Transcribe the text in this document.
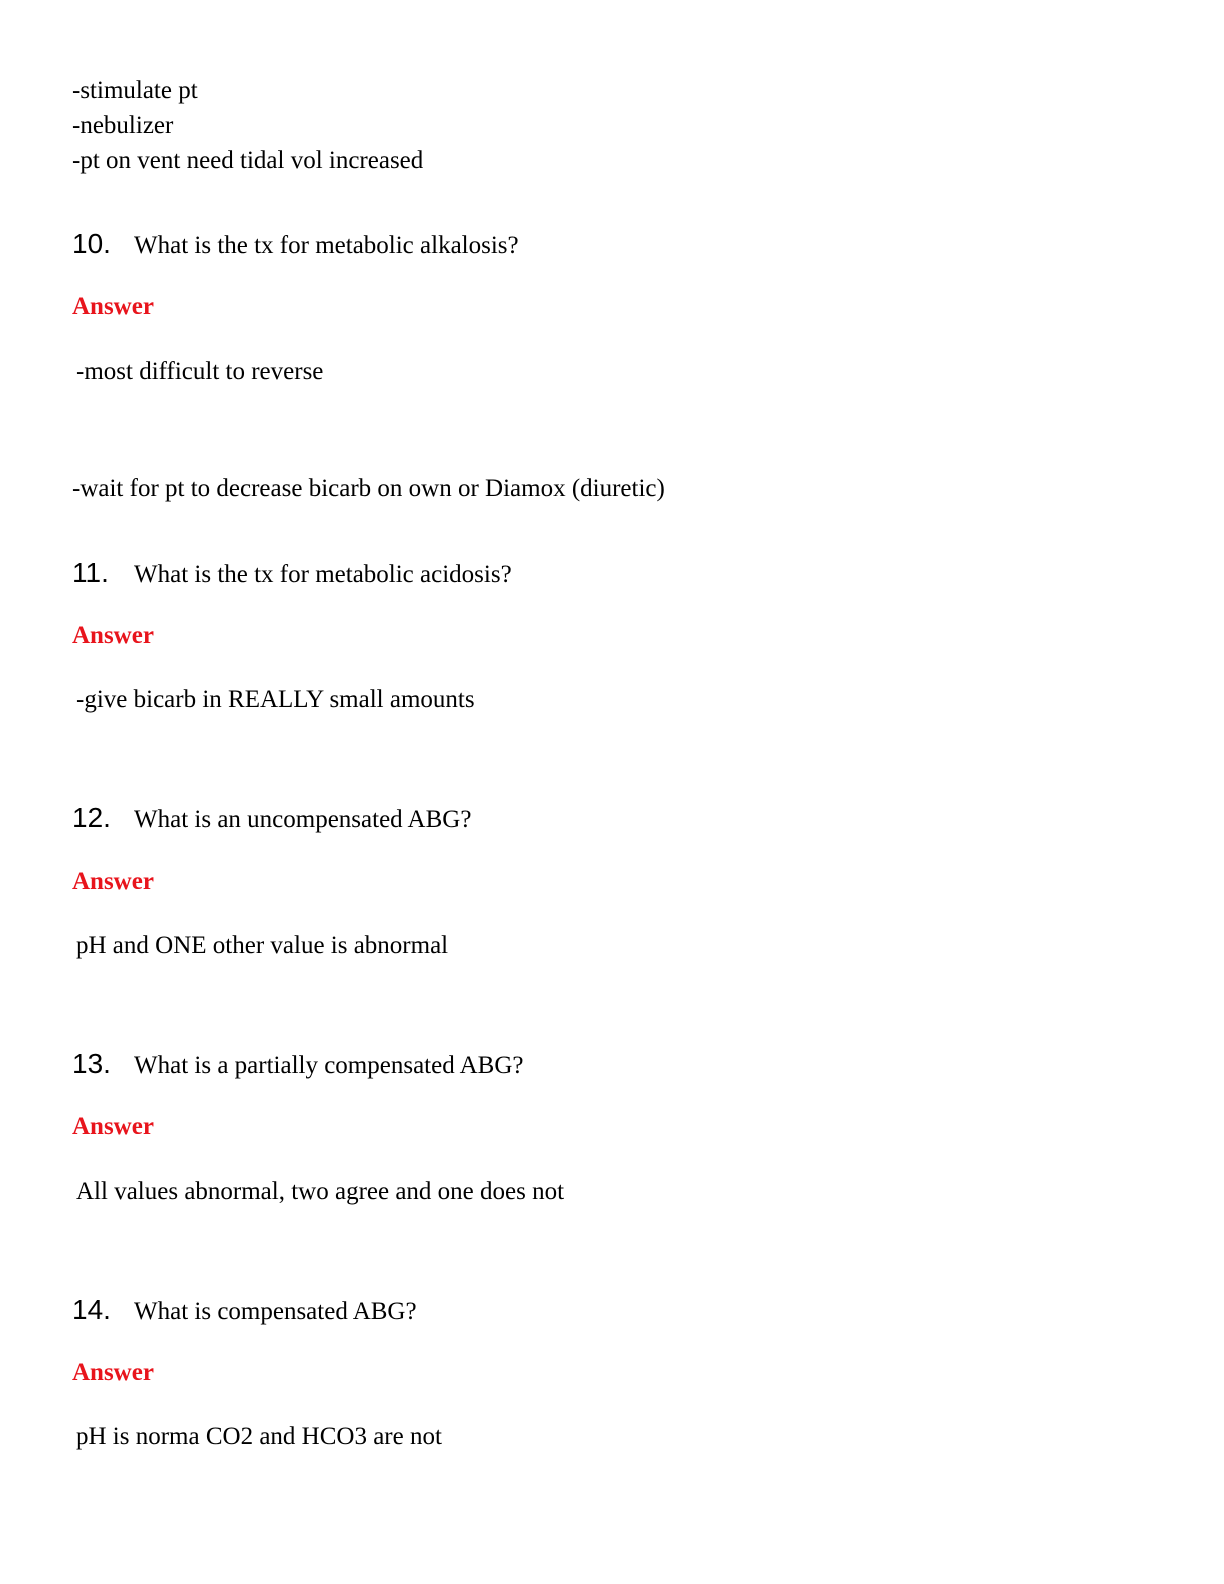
-stimulate pt
-nebulizer
-pt on vent need tidal vol increased
10. What is the tx for metabolic alkalosis?
Answer
-most difficult to reverse
-wait for pt to decrease bicarb on own or Diamox (diuretic)
11. What is the tx for metabolic acidosis?
Answer
-give bicarb in REALLY small amounts
12. What is an uncompensated ABG?
Answer
pH and ONE other value is abnormal
13. What is a partially compensated ABG?
Answer
All values abnormal, two agree and one does not
14. What is compensated ABG?
Answer
pH is norma CO2 and HCO3 are not
